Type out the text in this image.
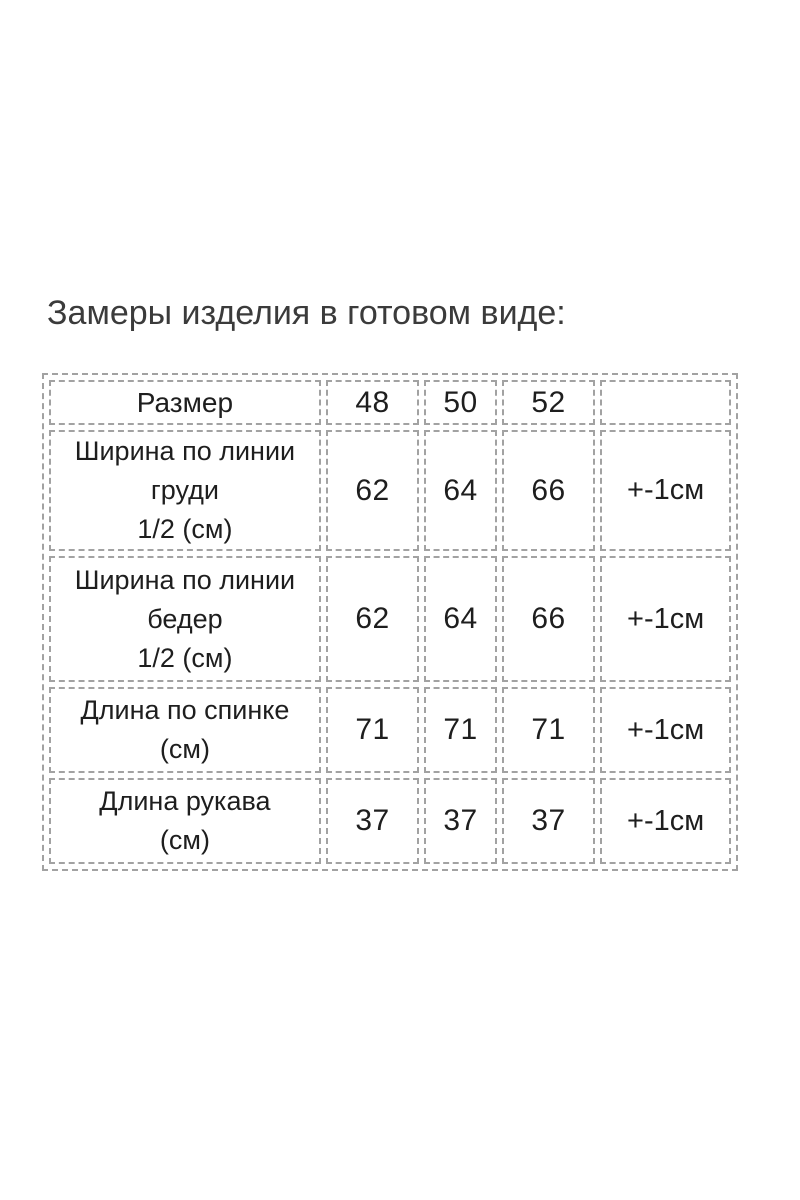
Замеры изделия в готовом виде:
Размер	48	50	52	

Ширина по линии
груди
1/2 (см)	62	64	66	+-1см

Ширина по линии
бедер
1/2 (см)	62	64	66	+-1см

Длина по спинке
(см)	71	71	71	+-1см

Длина рукава
(см)	37	37	37	+-1см
